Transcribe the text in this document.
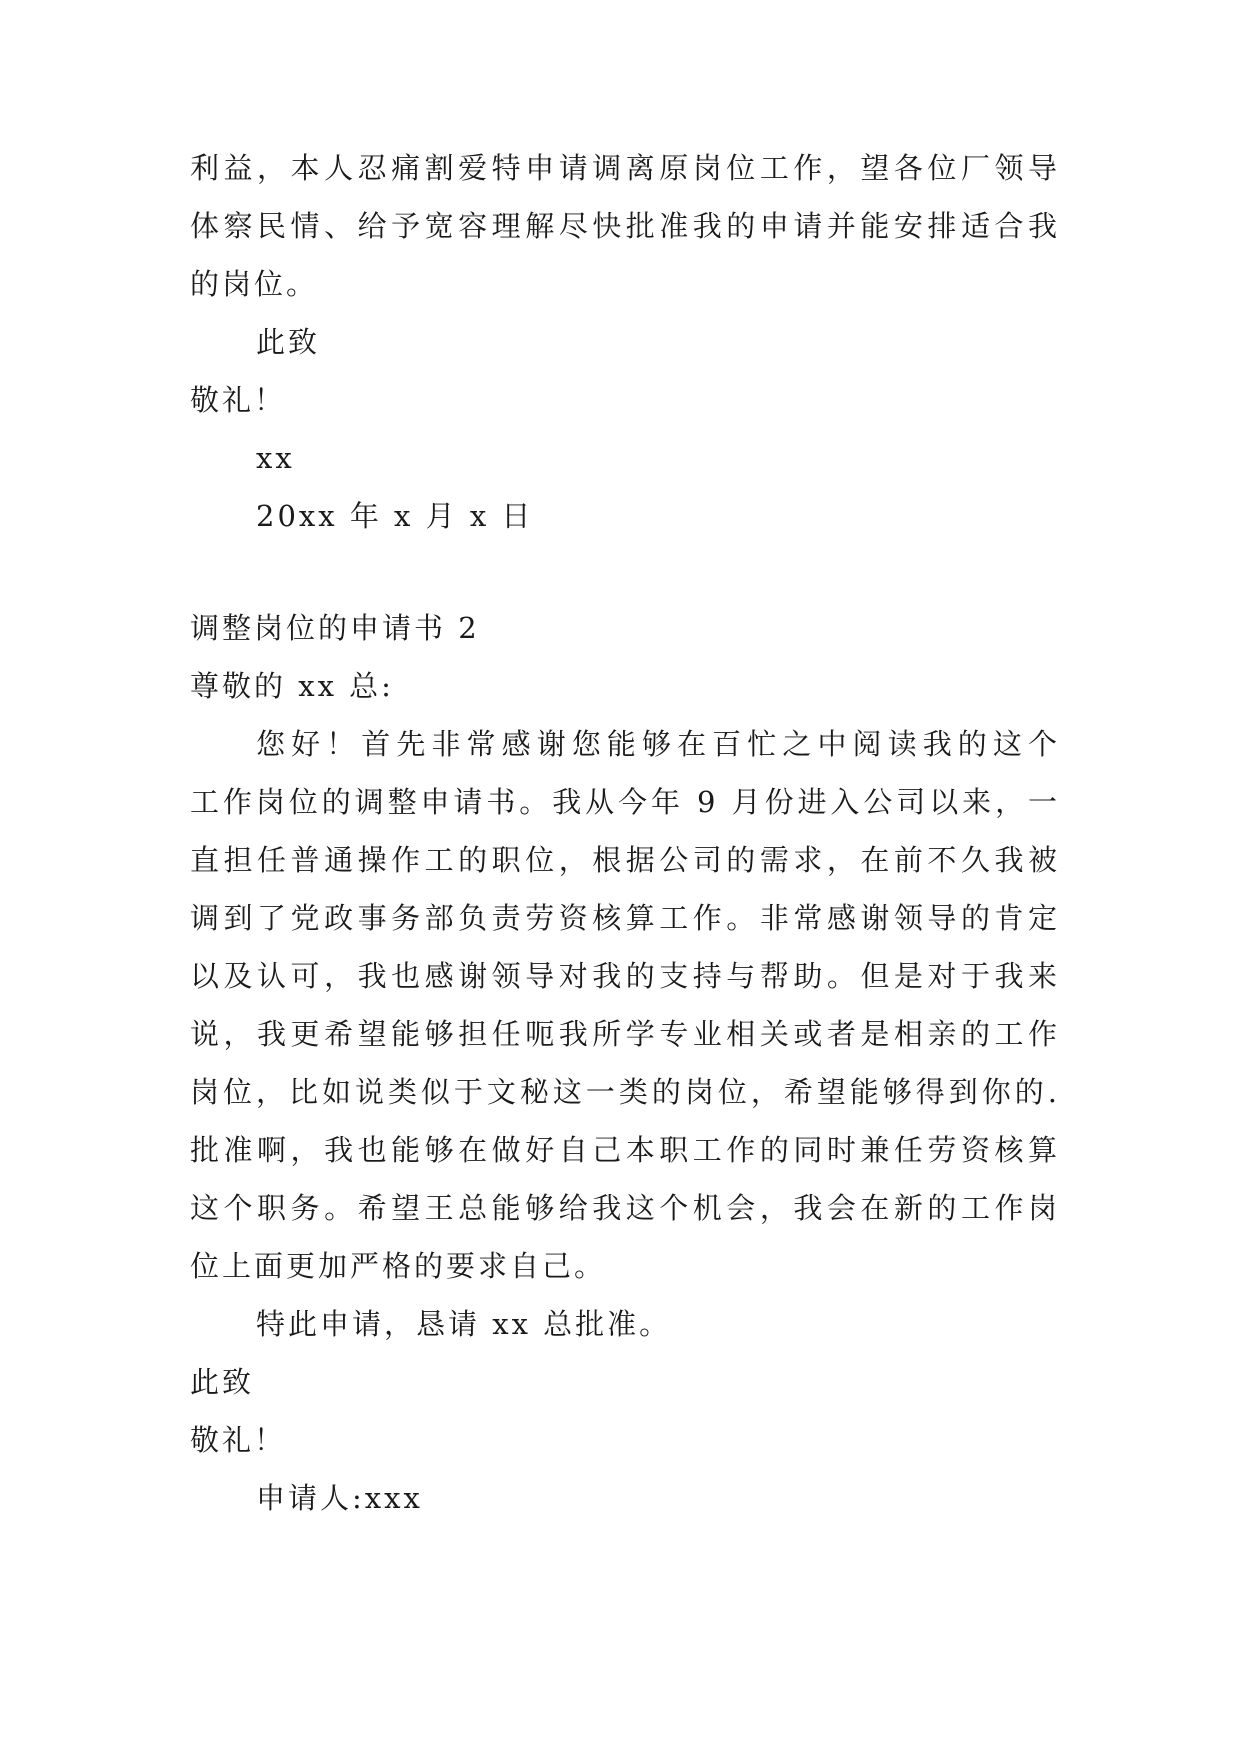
利益，本人忍痛割爱特申请调离原岗位工作，望各位厂领导
体察民情、给予宽容理解尽快批准我的申请并能安排适合我
的岗位。
此致
敬礼！
xx
20xx 年 x 月 x 日
调整岗位的申请书 2
尊敬的 xx 总:
您好！首先非常感谢您能够在百忙之中阅读我的这个
工作岗位的调整申请书。我从今年 9 月份进入公司以来，一
直担任普通操作工的职位，根据公司的需求，在前不久我被
调到了党政事务部负责劳资核算工作。非常感谢领导的肯定
以及认可，我也感谢领导对我的支持与帮助。但是对于我来
说，我更希望能够担任呃我所学专业相关或者是相亲的工作
岗位，比如说类似于文秘这一类的岗位，希望能够得到你的.
批准啊，我也能够在做好自己本职工作的同时兼任劳资核算
这个职务。希望王总能够给我这个机会，我会在新的工作岗
位上面更加严格的要求自己。
特此申请，恳请 xx 总批准。
此致
敬礼！
申请人:xxx
